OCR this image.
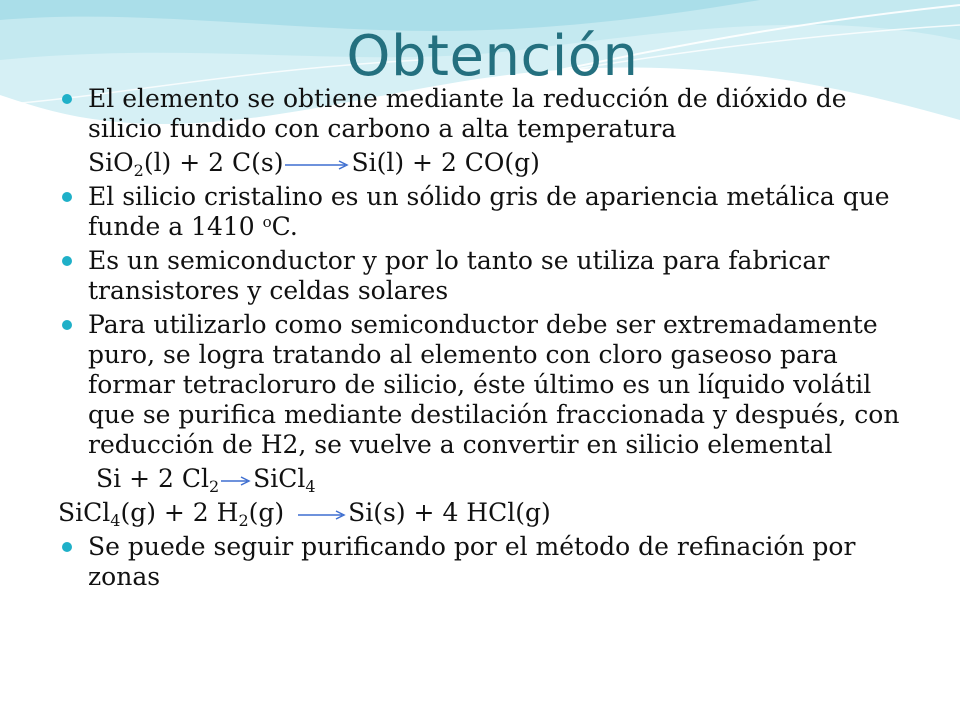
Obtención
El elemento se obtiene mediante la reducción de dióxido de silicio fundido con carbono a alta temperatura
SiO$_2$(l) + 2 C(s)→Si(l) + 2 CO(g)
El silicio cristalino es un sólido gris de apariencia metálica que funde a 1410 $^o$C.
Es un semiconductor y por lo tanto se utiliza para fabricar transistores y celdas solares
Para utilizarlo como semiconductor debe ser extremadamente puro, se logra tratando al elemento con cloro gaseoso para formar tetracloruro de silicio, éste último es un líquido volátil que se purifica mediante destilación fraccionada y después, con reducción de H2, se vuelve a convertir en silicio elemental
Si + 2 $Cl_2\to SiCl_4$
SiCl$_4$(g) + 2 $H_2(g)\to Si(s) + 4$ HCl(g)
Se puede seguir purificando por el método de refinación por zonas
